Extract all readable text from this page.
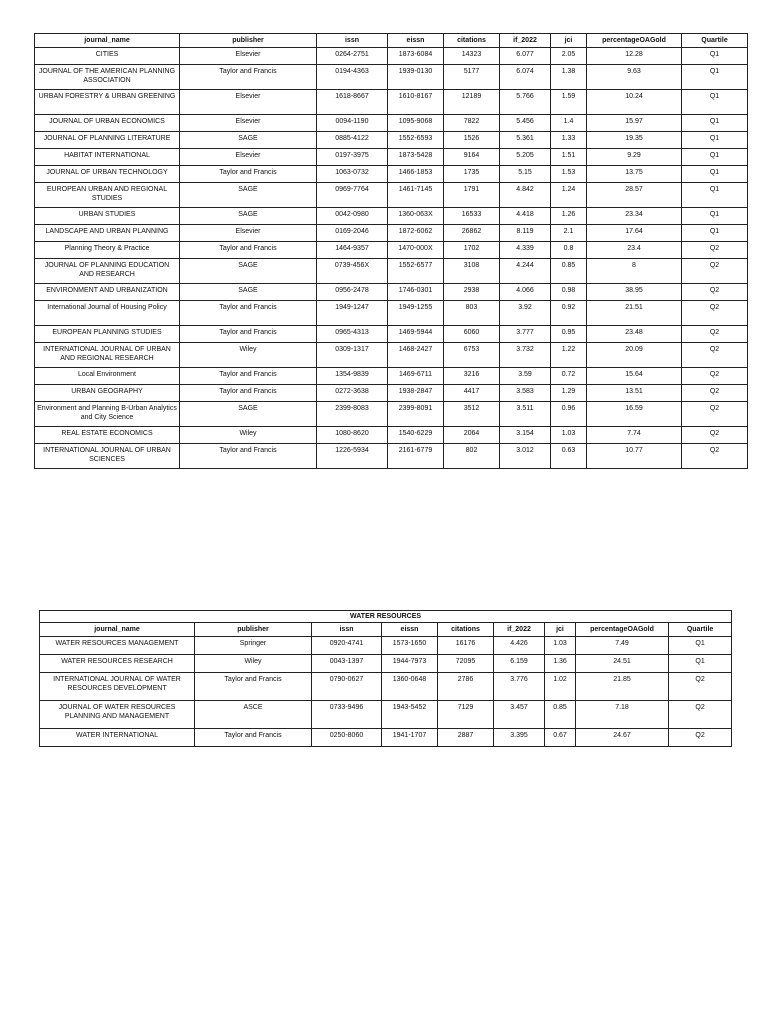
journal_name	publisher	issn	eissn	citations	if_2022	jci	percentageOAGold	Quartile
CITIES	Elsevier	0264-2751	1873-6084	14323	6.077	2.05	12.28	Q1
JOURNAL OF THE AMERICAN PLANNING ASSOCIATION	Taylor and Francis	0194-4363	1939-0130	5177	6.074	1.38	9.63	Q1
URBAN FORESTRY & URBAN GREENING	Elsevier	1618-8667	1610-8167	12189	5.766	1.59	10.24	Q1
JOURNAL OF URBAN ECONOMICS	Elsevier	0094-1190	1095-9068	7822	5.456	1.4	15.97	Q1
JOURNAL OF PLANNING LITERATURE	SAGE	0885-4122	1552-6593	1526	5.361	1.33	19.35	Q1
HABITAT INTERNATIONAL	Elsevier	0197-3975	1873-5428	9164	5.205	1.51	9.29	Q1
JOURNAL OF URBAN TECHNOLOGY	Taylor and Francis	1063-0732	1466-1853	1735	5.15	1.53	13.75	Q1
EUROPEAN URBAN AND REGIONAL STUDIES	SAGE	0969-7764	1461-7145	1791	4.842	1.24	28.57	Q1
URBAN STUDIES	SAGE	0042-0980	1360-063X	16533	4.418	1.26	23.34	Q1
LANDSCAPE AND URBAN PLANNING	Elsevier	0169-2046	1872-6062	26862	8.119	2.1	17.64	Q1
Planning Theory & Practice	Taylor and Francis	1464-9357	1470-000X	1702	4.339	0.8	23.4	Q2
JOURNAL OF PLANNING EDUCATION AND RESEARCH	SAGE	0739-456X	1552-6577	3108	4.244	0.85	8	Q2
ENVIRONMENT AND URBANIZATION	SAGE	0956-2478	1746-0301	2938	4.066	0.98	38.95	Q2
International Journal of Housing Policy	Taylor and Francis	1949-1247	1949-1255	803	3.92	0.92	21.51	Q2
EUROPEAN PLANNING STUDIES	Taylor and Francis	0965-4313	1469-5944	6060	3.777	0.95	23.48	Q2
INTERNATIONAL JOURNAL OF URBAN AND REGIONAL RESEARCH	Wiley	0309-1317	1468-2427	6753	3.732	1.22	20.09	Q2
Local Environment	Taylor and Francis	1354-9839	1469-6711	3216	3.59	0.72	15.64	Q2
URBAN GEOGRAPHY	Taylor and Francis	0272-3638	1938-2847	4417	3.583	1.29	13.51	Q2
Environment and Planning B-Urban Analytics and City Science	SAGE	2399-8083	2399-8091	3512	3.511	0.96	16.59	Q2
REAL ESTATE ECONOMICS	Wiley	1080-8620	1540-6229	2064	3.154	1.03	7.74	Q2
INTERNATIONAL JOURNAL OF URBAN SCIENCES	Taylor and Francis	1226-5934	2161-6779	802	3.012	0.63	10.77	Q2
WATER RESOURCES								
journal_name	publisher	issn	eissn	citations	if_2022	jci	percentageOAGold	Quartile
WATER RESOURCES MANAGEMENT	Springer	0920-4741	1573-1650	16176	4.426	1.03	7.49	Q1
WATER RESOURCES RESEARCH	Wiley	0043-1397	1944-7973	72095	6.159	1.36	24.51	Q1
INTERNATIONAL JOURNAL OF WATER RESOURCES DEVELOPMENT	Taylor and Francis	0790-0627	1360-0648	2786	3.776	1.02	21.85	Q2
JOURNAL OF WATER RESOURCES PLANNING AND MANAGEMENT	ASCE	0733-9496	1943-5452	7129	3.457	0.85	7.18	Q2
WATER INTERNATIONAL	Taylor and Francis	0250-8060	1941-1707	2887	3.395	0.67	24.67	Q2
